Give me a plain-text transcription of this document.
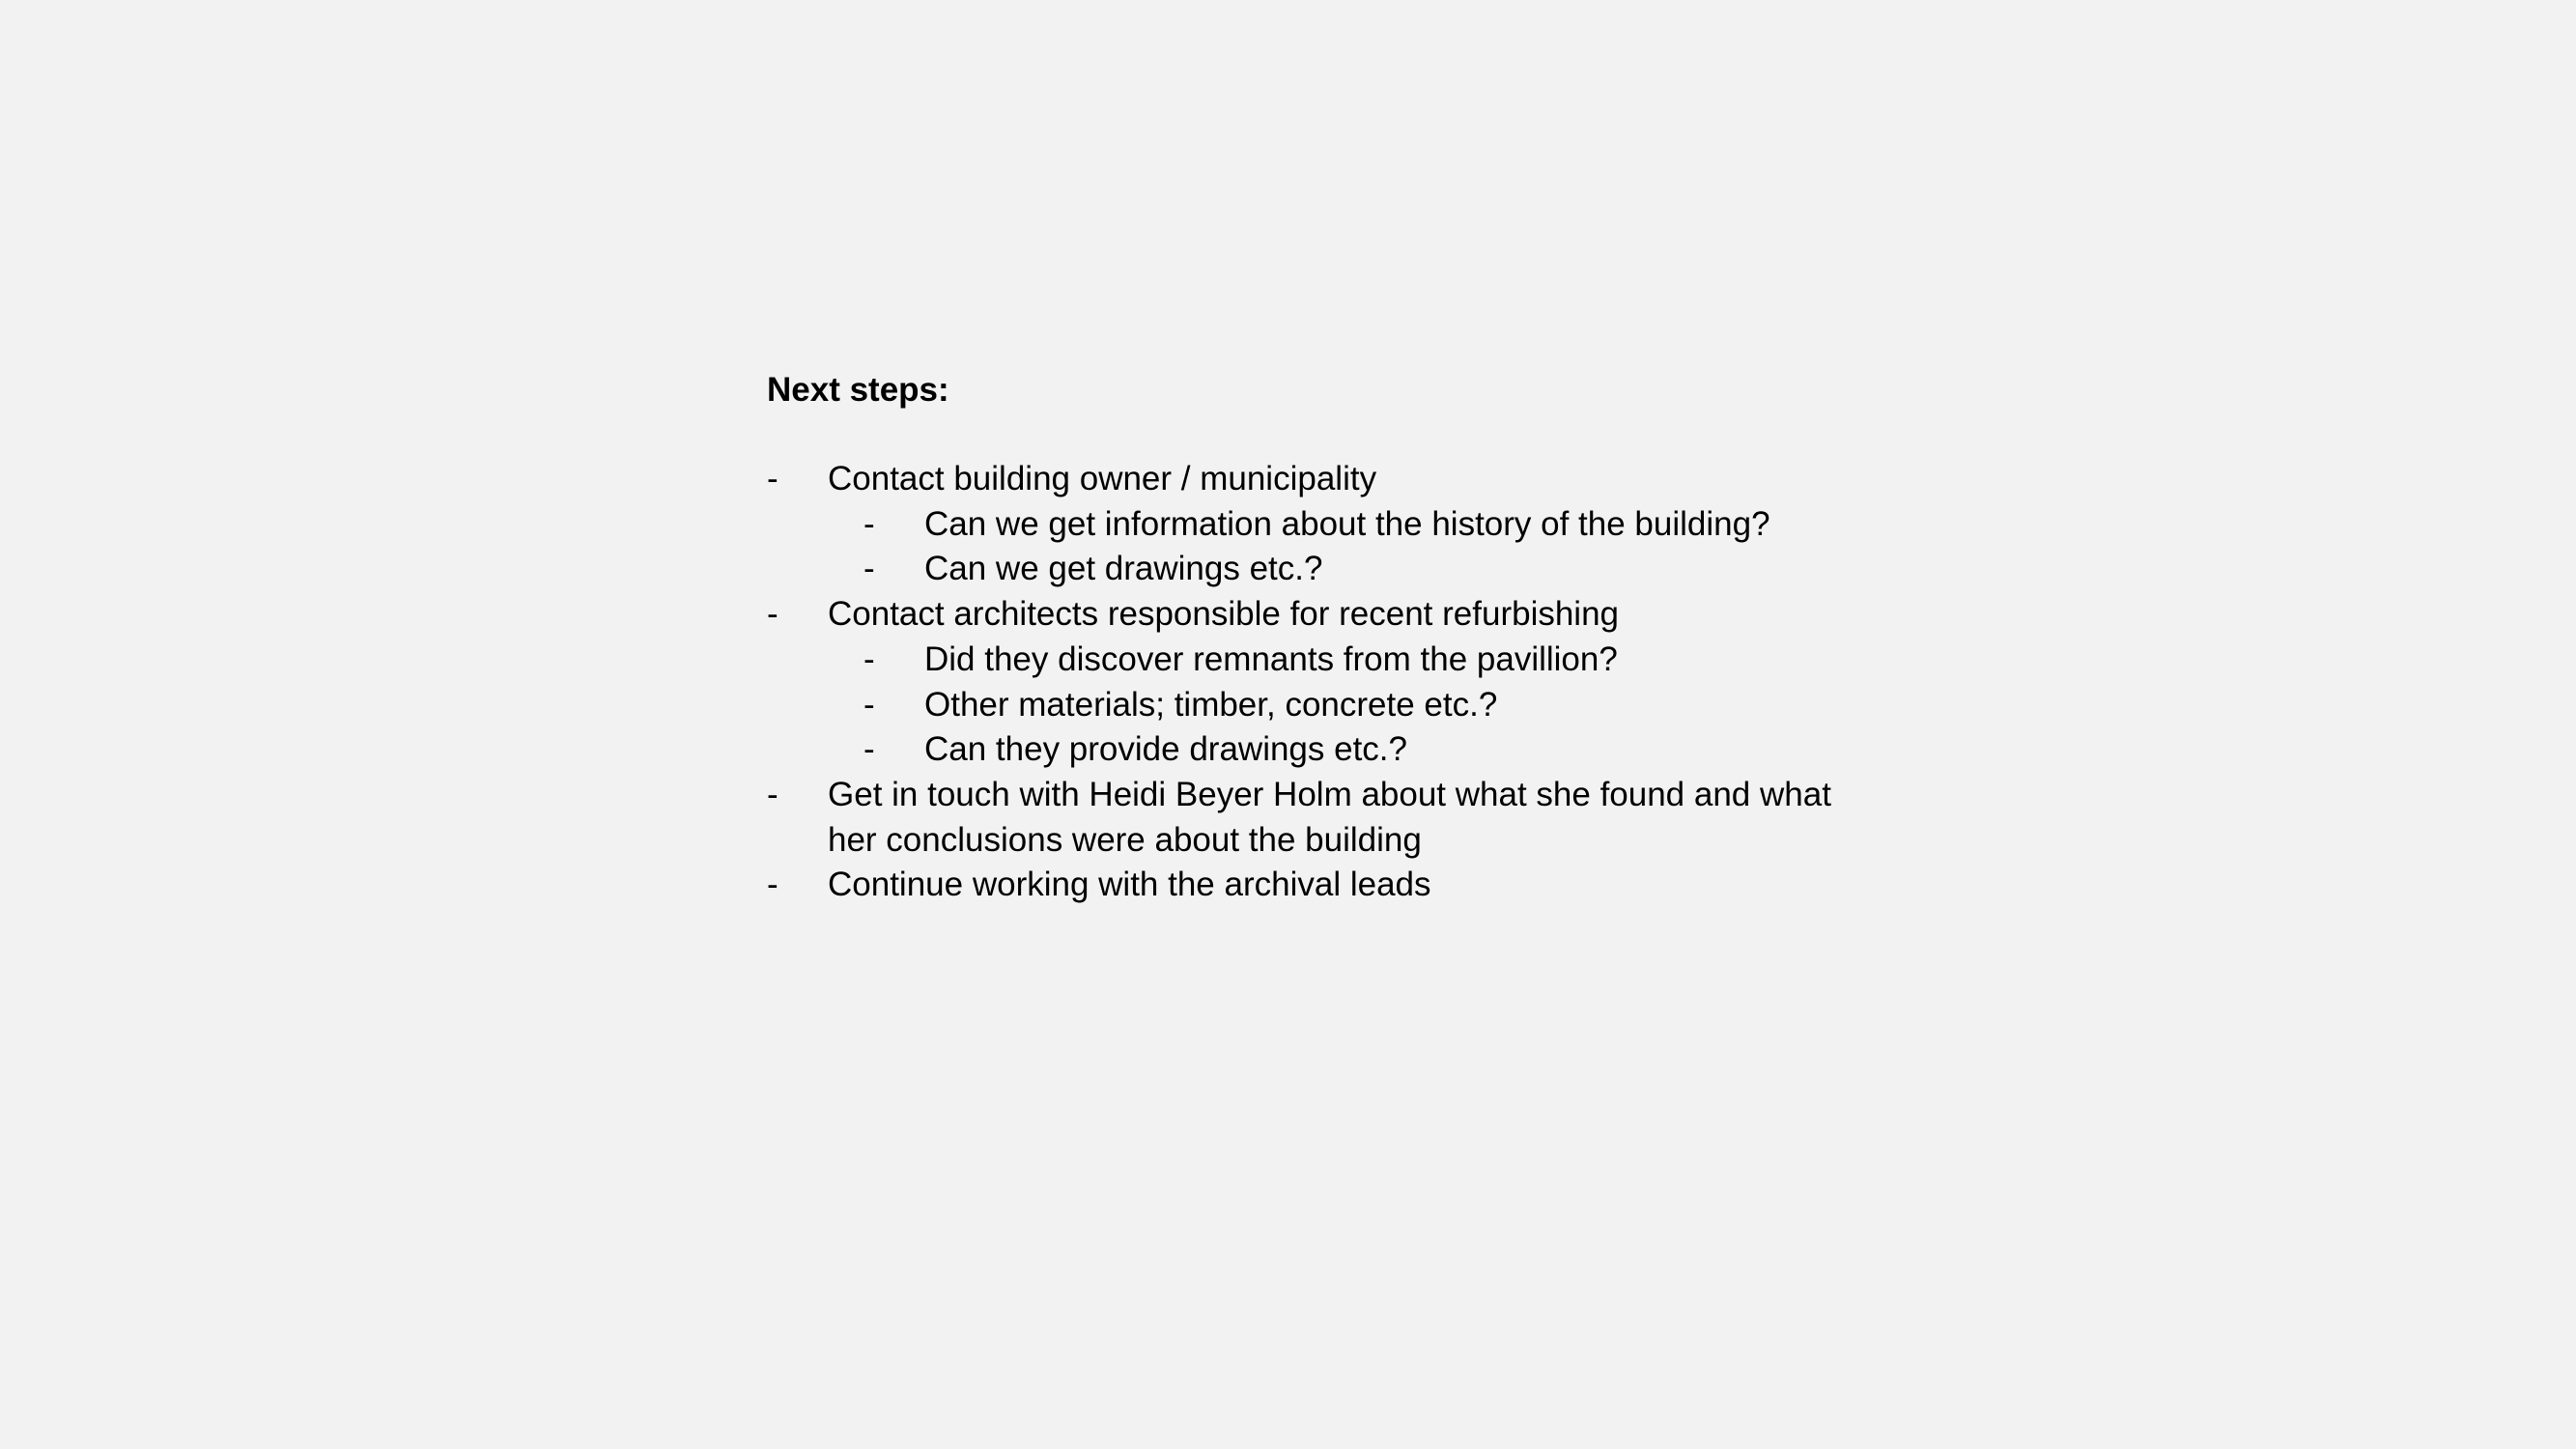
Next steps:
- Contact building owner / municipality
- Can we get information about the history of the building?
- Can we get drawings etc.?
- Contact architects responsible for recent refurbishing
- Did they discover remnants from the pavillion?
- Other materials; timber, concrete etc.?
- Can they provide drawings etc.?
- Get in touch with Heidi Beyer Holm about what she found and what her conclusions were about the building
- Continue working with the archival leads
